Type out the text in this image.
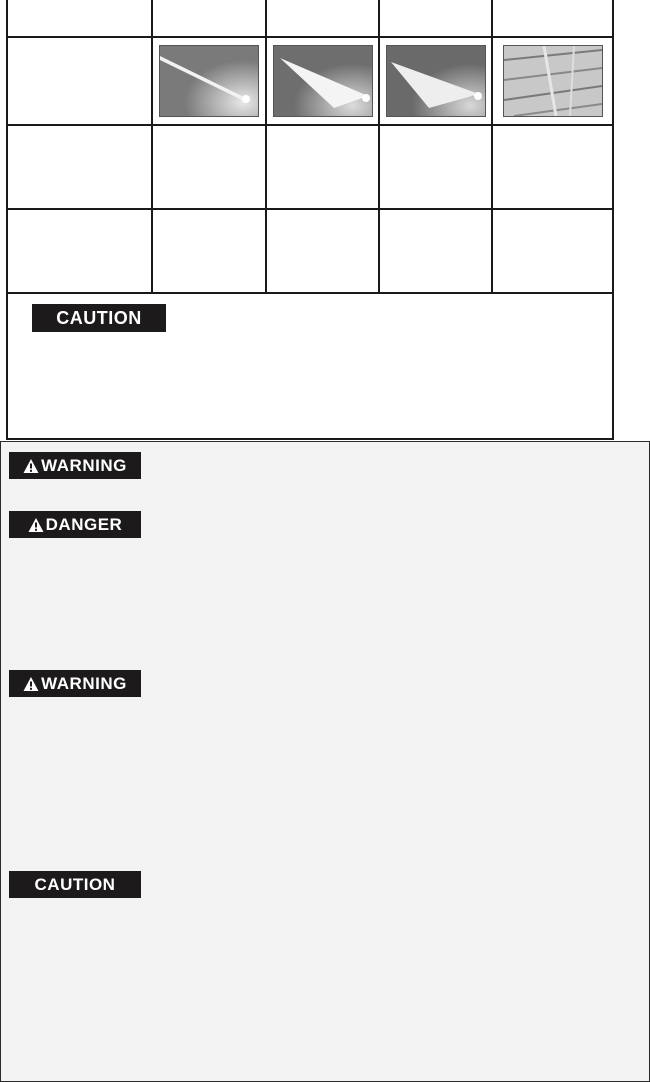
CAUTION				
WARNING
DANGER
WARNING
CAUTION
